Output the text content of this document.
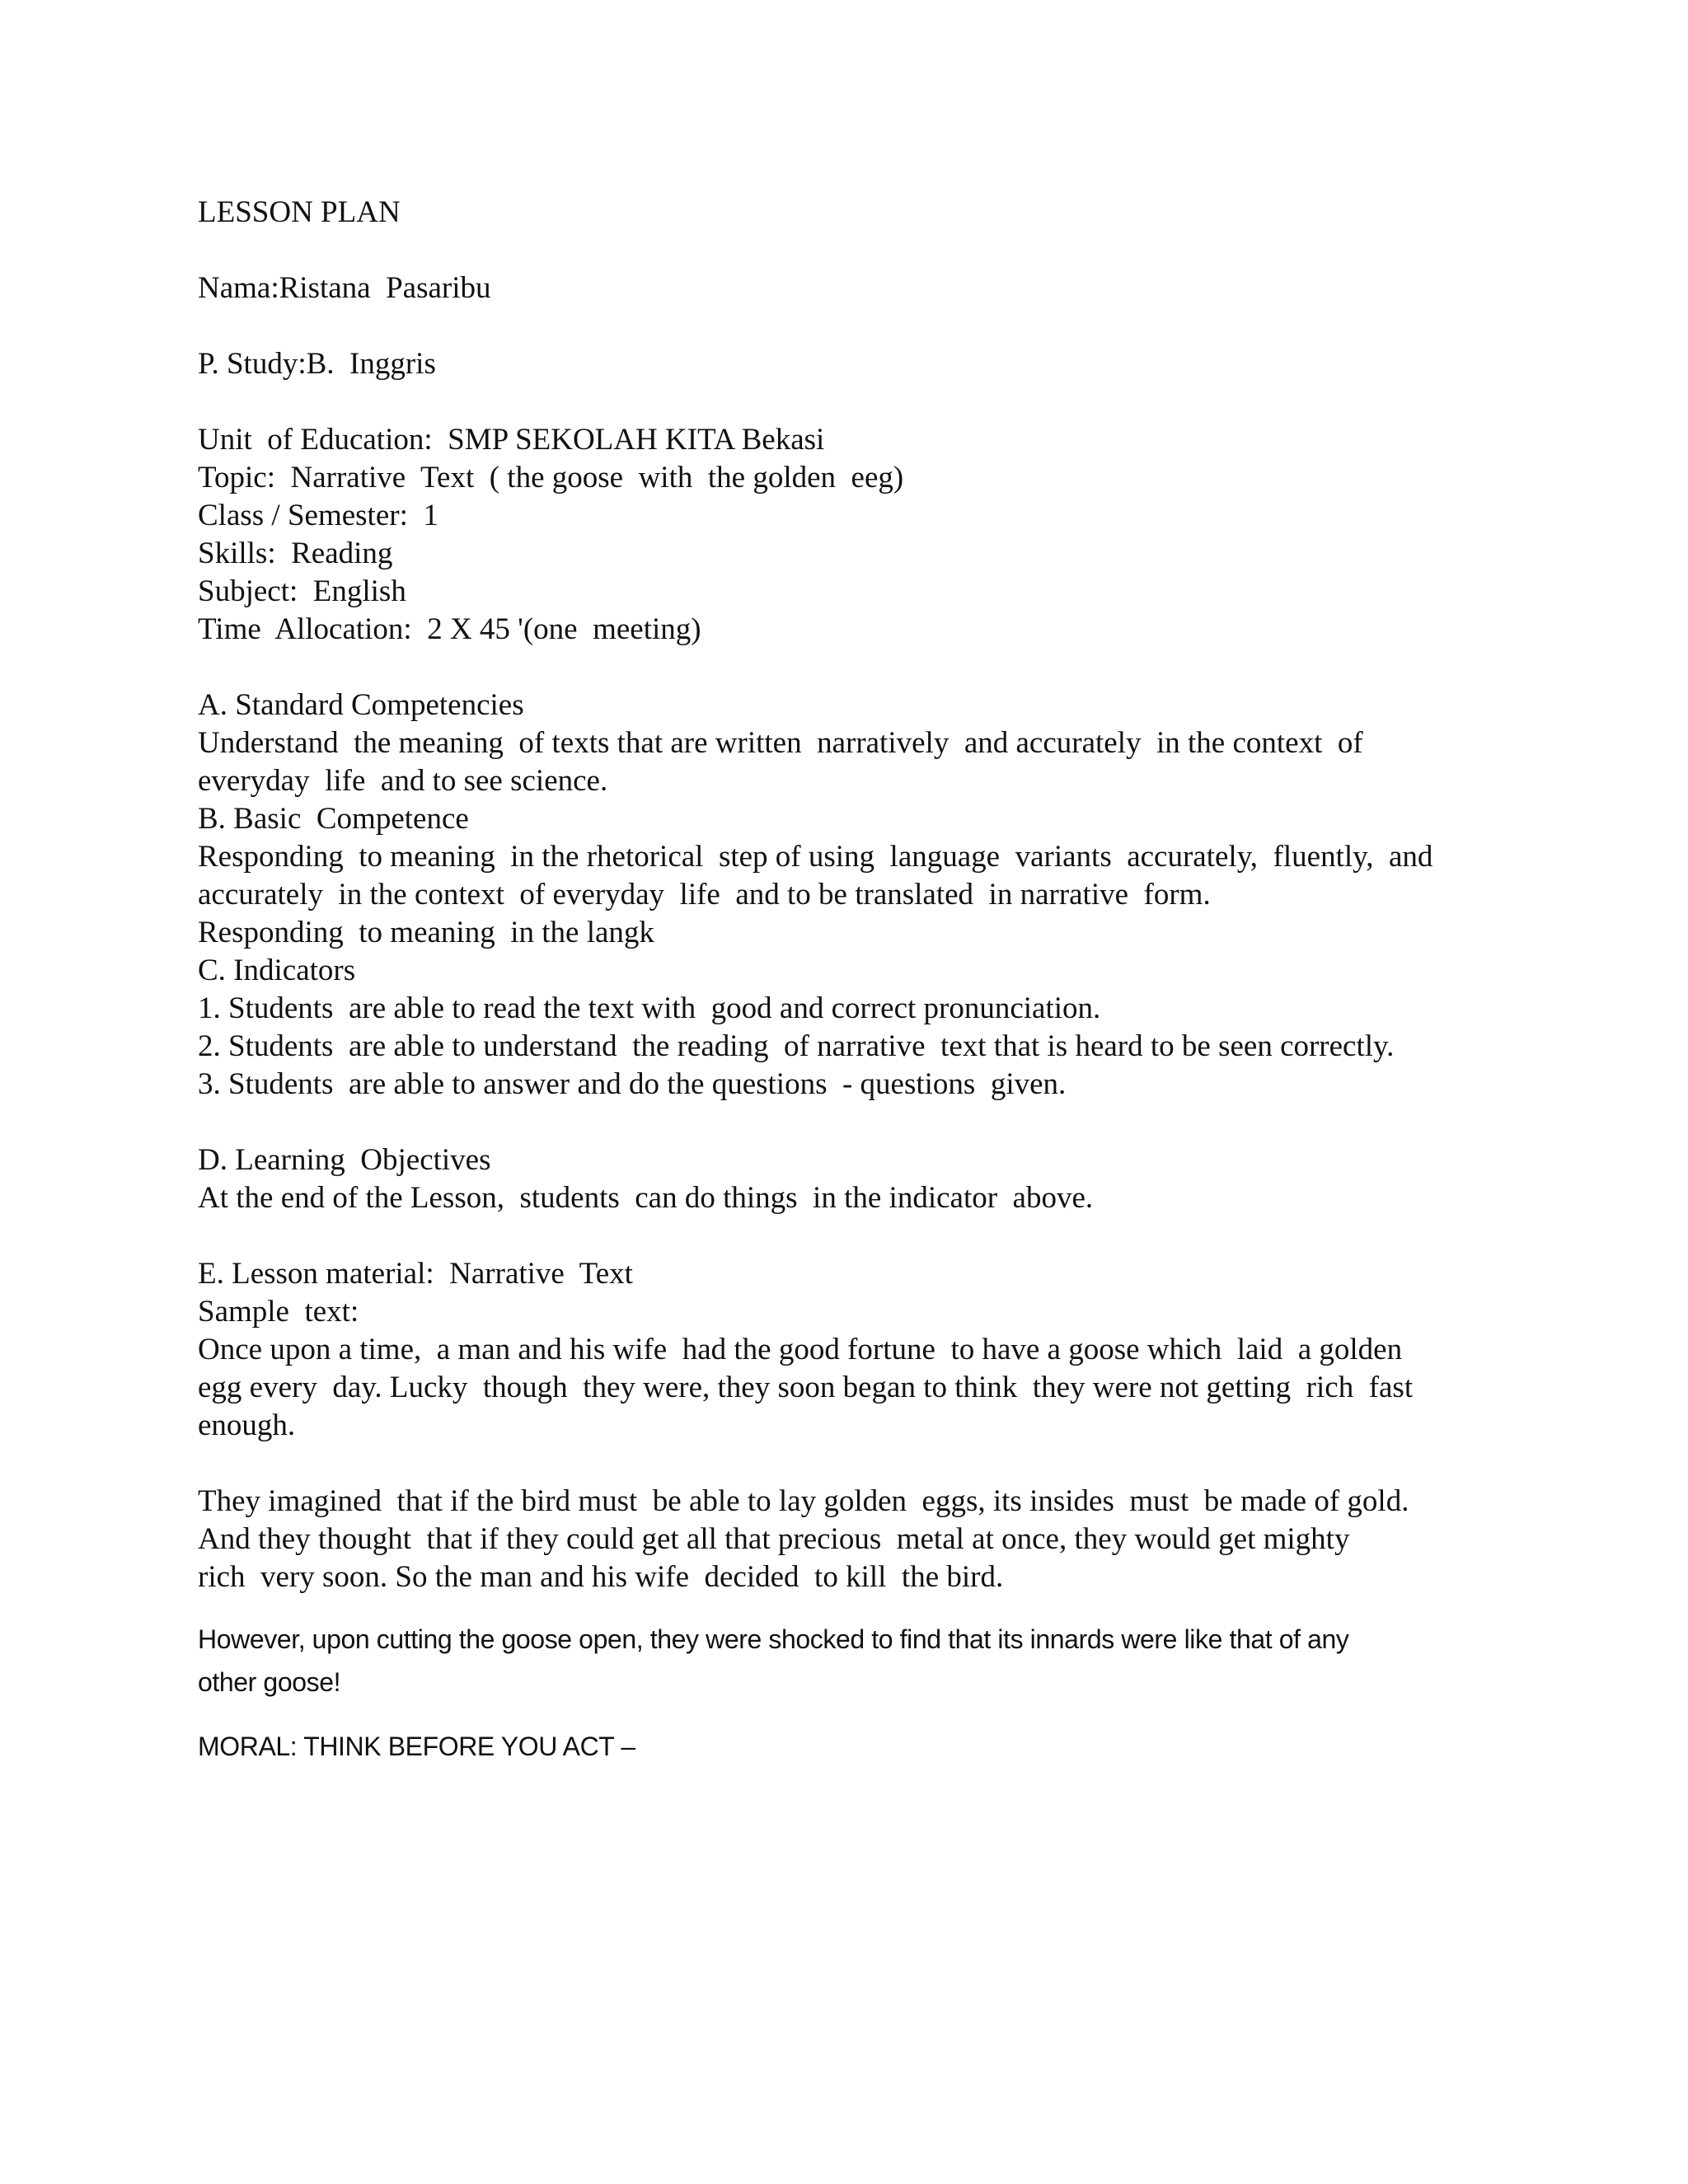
LESSON PLAN
Nama:Ristana  Pasaribu
P. Study:B.  Inggris
Unit  of Education:  SMP SEKOLAH KITA Bekasi
Topic:  Narrative  Text  ( the goose  with  the golden  eeg)
Class / Semester:  1
Skills:  Reading
Subject:  English
Time  Allocation:  2 X 45 '(one  meeting)
A. Standard Competencies
Understand  the meaning  of texts that are written  narratively  and accurately  in the context  of
everyday  life  and to see science.
B. Basic  Competence
Responding  to meaning  in the rhetorical  step of using  language  variants  accurately,  fluently,  and
accurately  in the context  of everyday  life  and to be translated  in narrative  form.
Responding  to meaning  in the langk
C. Indicators
1. Students  are able to read the text with  good and correct pronunciation.
2. Students  are able to understand  the reading  of narrative  text that is heard to be seen correctly.
3. Students  are able to answer and do the questions  - questions  given.
D. Learning  Objectives
At the end of the Lesson,  students  can do things  in the indicator  above.
E. Lesson material:  Narrative  Text
Sample  text:
Once upon a time,  a man and his wife  had the good fortune  to have a goose which  laid  a golden
egg every  day. Lucky  though  they were, they soon began to think  they were not getting  rich  fast
enough.
They imagined  that if the bird must  be able to lay golden  eggs, its insides  must  be made of gold.
And they thought  that if they could get all that precious  metal at once, they would get mighty
rich  very soon. So the man and his wife  decided  to kill  the bird.
However, upon cutting the goose open, they were shocked to find that its innards were like that of any
other goose!
MORAL: THINK BEFORE YOU ACT –
